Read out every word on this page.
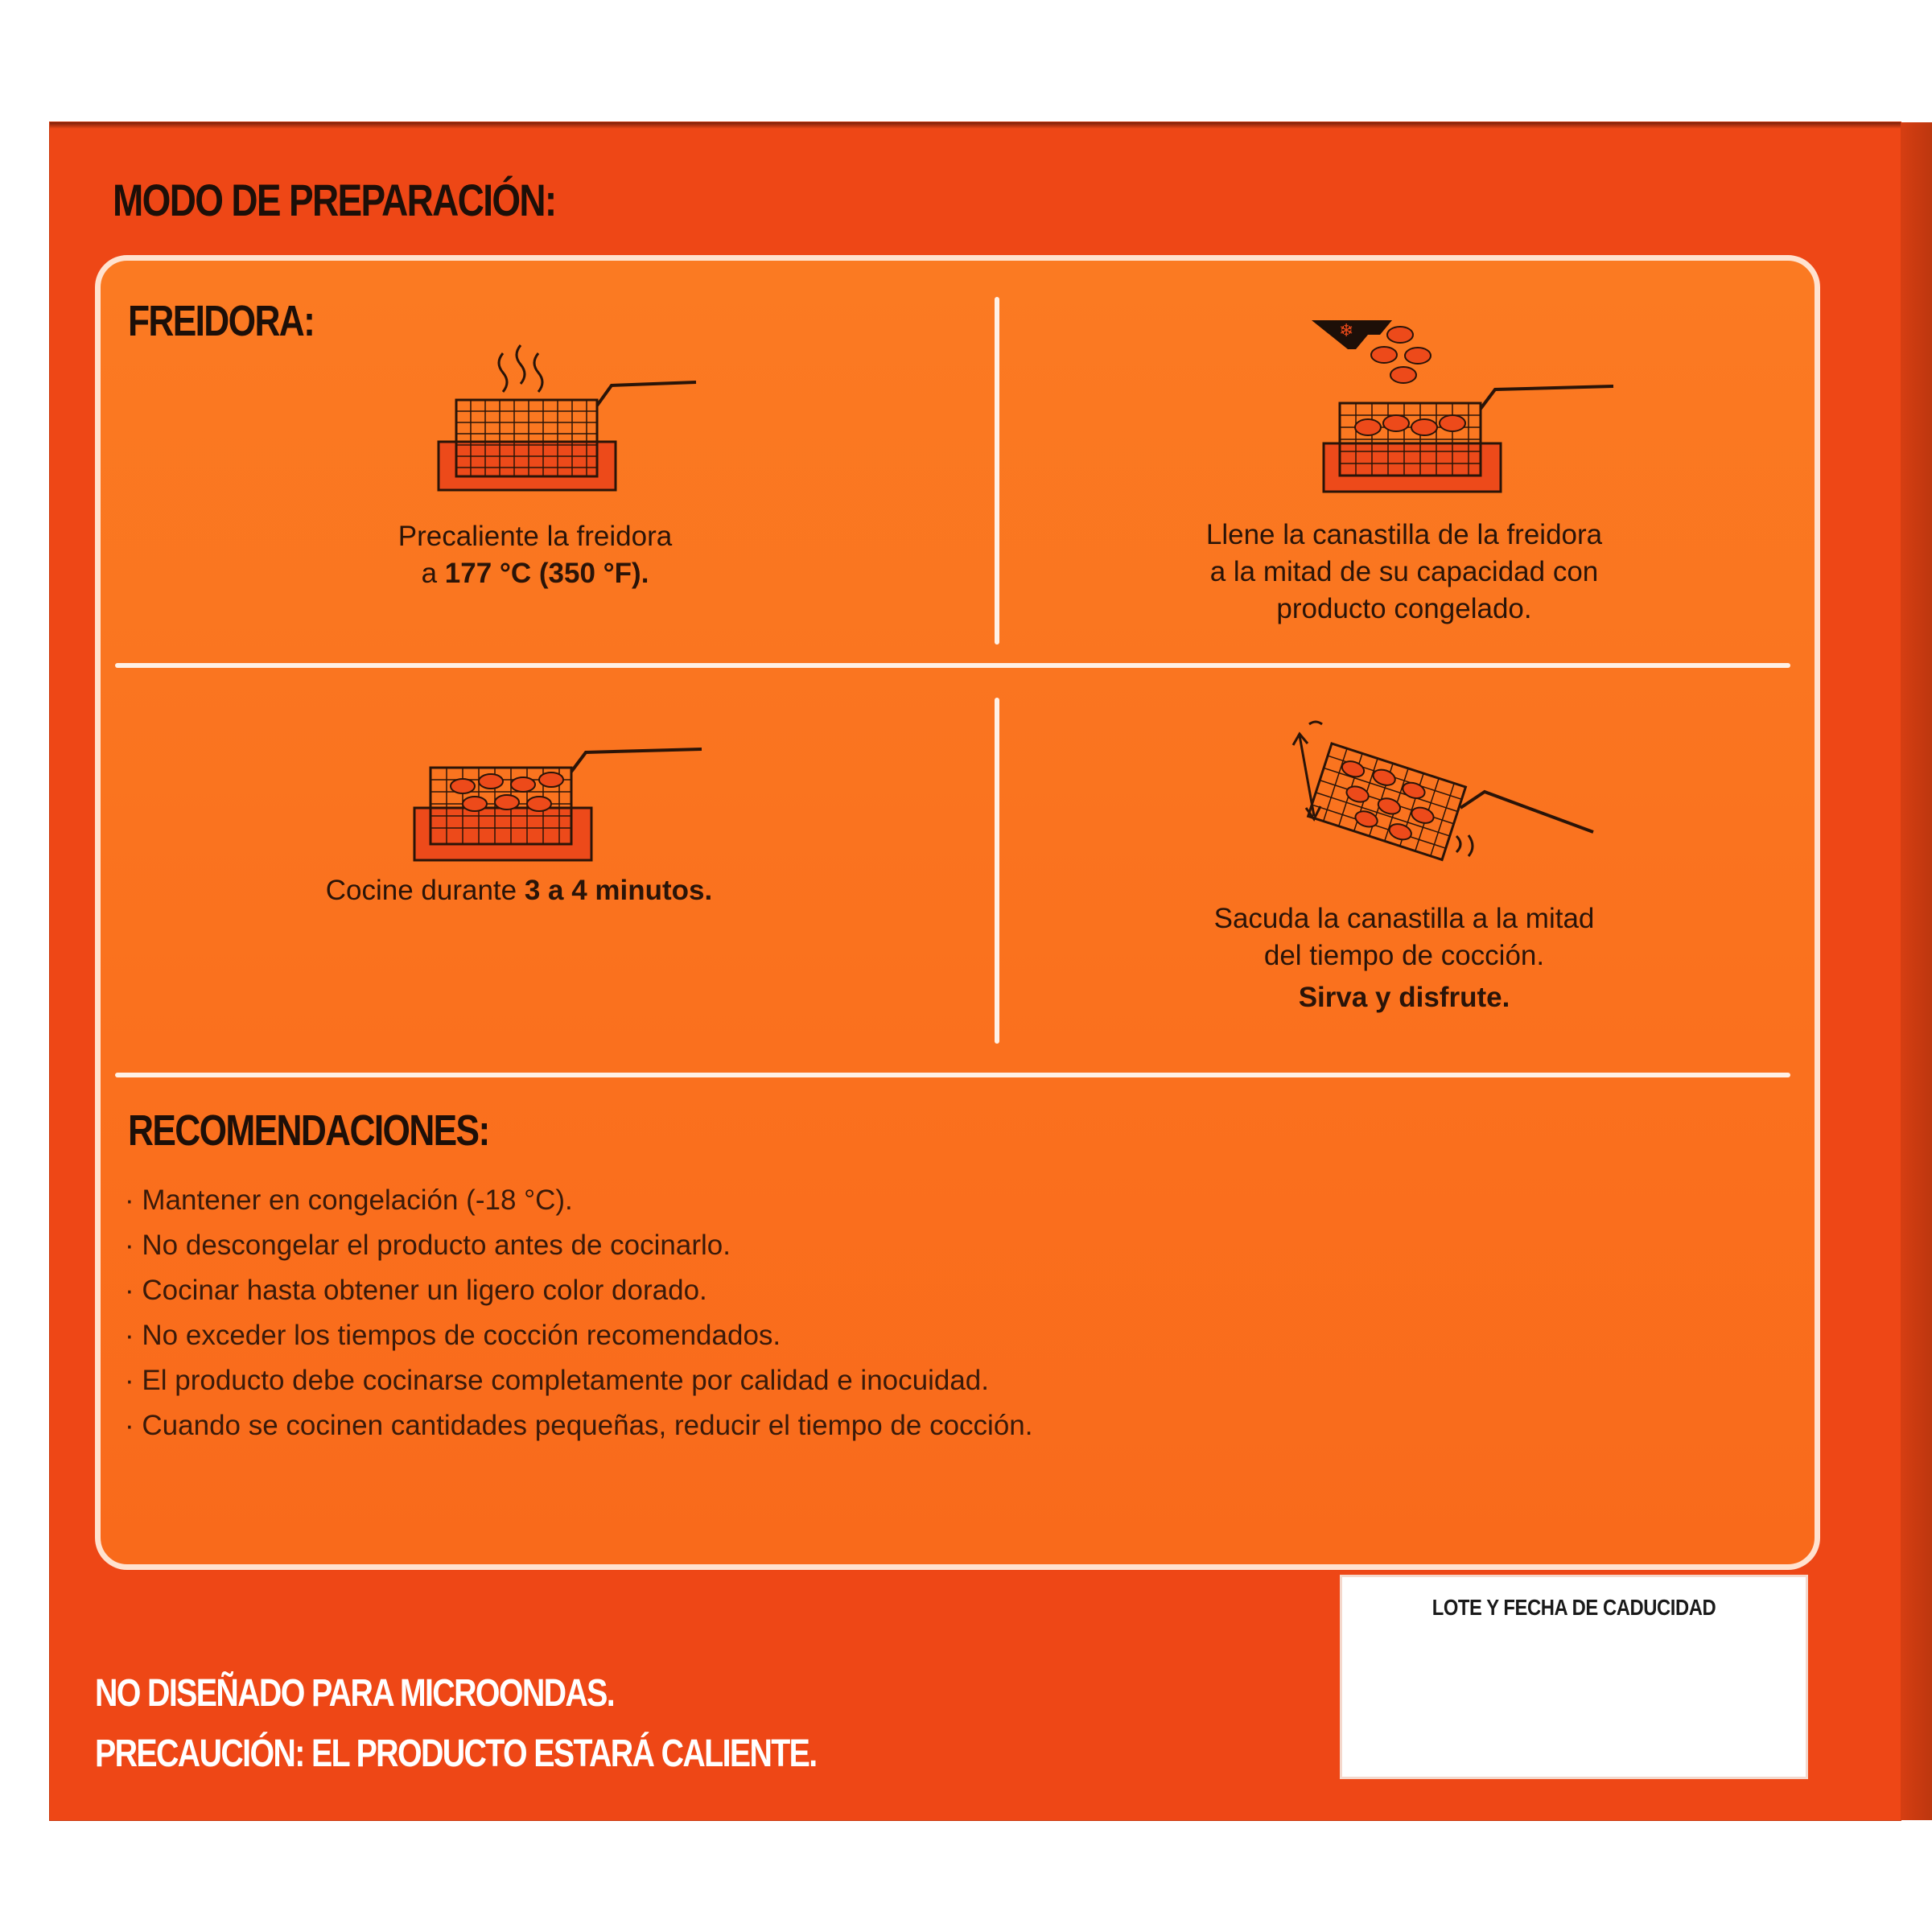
MODO DE PREPARACIÓN:
FREIDORA:
Precaliente la freidora
a 177 °C (350 °F).
❄
Llene la canastilla de la freidora
a la mitad de su capacidad con
producto congelado.
Cocine durante 3 a 4 minutos.
Sacuda la canastilla a la mitad
del tiempo de cocción.
Sirva y disfrute.
RECOMENDACIONES:
· Mantener en congelación (-18 °C).
· No descongelar el producto antes de cocinarlo.
· Cocinar hasta obtener un ligero color dorado.
· No exceder los tiempos de cocción recomendados.
· El producto debe cocinarse completamente por calidad e inocuidad.
· Cuando se cocinen cantidades pequeñas, reducir el tiempo de cocción.
NO DISEÑADO PARA MICROONDAS.
PRECAUCIÓN: EL PRODUCTO ESTARÁ CALIENTE.
LOTE Y FECHA DE CADUCIDAD
